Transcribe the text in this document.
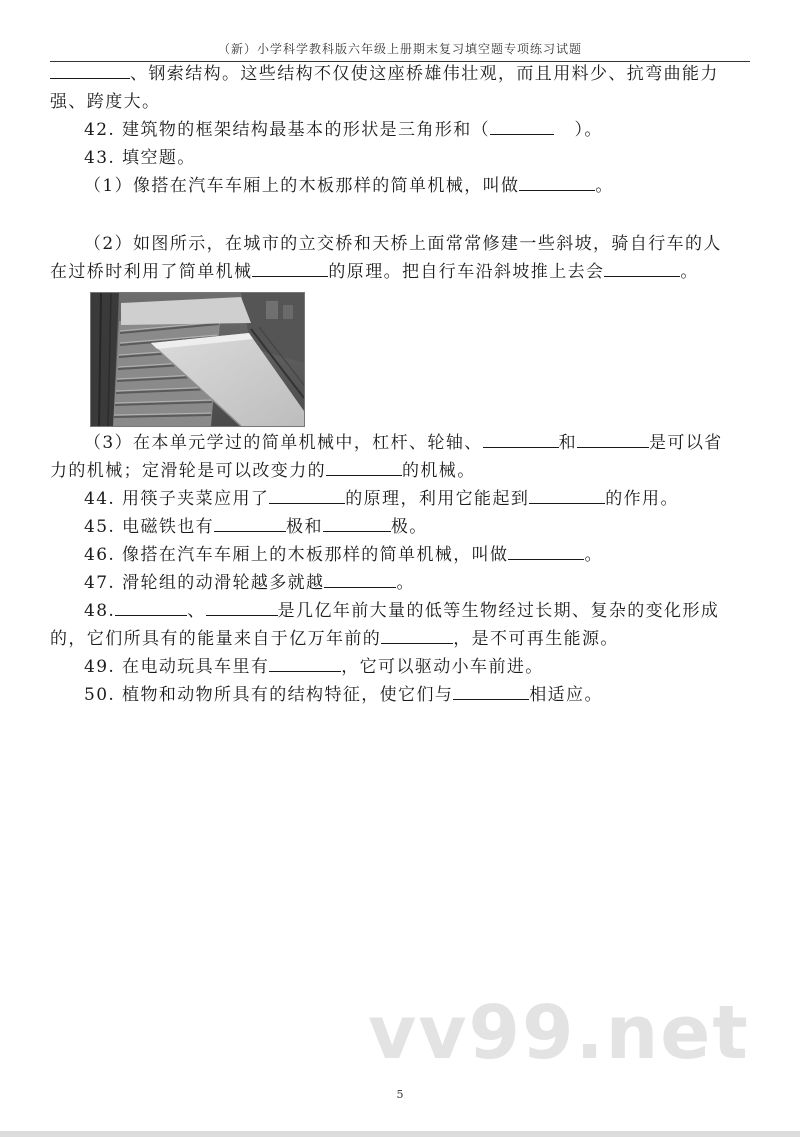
（新）小学科学教科版六年级上册期末复习填空题专项练习试题
、钢索结构。这些结构不仅使这座桥雄伟壮观，而且用料少、抗弯曲能力
强、跨度大。
42. 建筑物的框架结构最基本的形状是三角形和（	）。
43. 填空题。
（1）像搭在汽车车厢上的木板那样的简单机械，叫做	。
（2）如图所示，在城市的立交桥和天桥上面常常修建一些斜坡，骑自行车的人
在过桥时利用了简单机械	的原理。把自行车沿斜坡推上去会	。
（3）在本单元学过的简单机械中，杠杆、轮轴、	和	是可以省
力的机械；定滑轮是可以改变力的	的机械。
44. 用筷子夹菜应用了	的原理，利用它能起到	的作用。
45. 电磁铁也有	极和	极。
46. 像搭在汽车车厢上的木板那样的简单机械，叫做	。
47. 滑轮组的动滑轮越多就越	。
48.	、	是几亿年前大量的低等生物经过长期、复杂的变化形成
的，它们所具有的能量来自于亿万年前的	，是不可再生能源。
49. 在电动玩具车里有	，它可以驱动小车前进。
50. 植物和动物所具有的结构特征，使它们与	相适应。
vv99.net
5
